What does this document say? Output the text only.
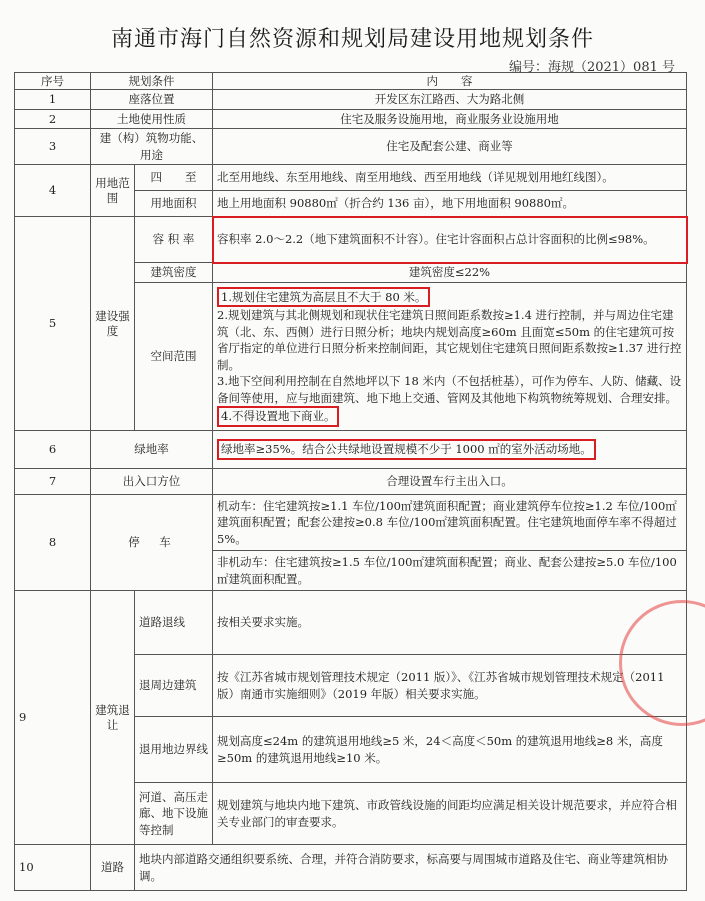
南通市海门自然资源和规划局建设用地规划条件
编号：海规（2021）081 号
序号	规划条件		内　　容
1	座落位置		开发区东江路西、大为路北侧
2	土地使用性质		住宅及服务设施用地，商业服务业设施用地
3	建（构）筑物功能、用途		住宅及配套公建、商业等
4	用地范围	四　　至	北至用地线、东至用地线、南至用地线、西至用地线（详见规划用地红线图）。
		用地面积	地上用地面积 90880㎡（折合约 136 亩），地下用地面积 90880㎡。
5	建设强度	容 积 率	容积率 2.0～2.2（地下建筑面积不计容）。住宅计容面积占总计容面积的比例≤98%。
		建筑密度	建筑密度≤22%
		空间范围	1.规划住宅建筑为高层且不大于 80 米。
2.规划建筑与其北侧规划和现状住宅建筑日照间距系数按≥1.4 进行控制，并与周边住宅建筑（北、东、西侧）进行日照分析；地块内规划高度≥60m 且面宽≤50m 的住宅建筑可按省厅指定的单位进行日照分析来控制间距，其它规划住宅建筑日照间距系数按≥1.37 进行控制。
3.地下空间利用控制在自然地坪以下 18 米内（不包括桩基），可作为停车、人防、储藏、设备间等使用，应与地面建筑、地下地上交通、管网及其他地下构筑物统筹规划、合理安排。
4.不得设置地下商业。
6	绿地率		绿地率≥35%。结合公共绿地设置规模不少于 1000 ㎡的室外活动场地。
7	出入口方位		合理设置车行主出入口。
8	停　车		机动车：住宅建筑按≥1.1 车位/100㎡建筑面积配置；商业建筑停车位按≥1.2 车位/100㎡建筑面积配置；配套公建按≥0.8 车位/100㎡建筑面积配置。住宅建筑地面停车率不得超过 5%。
			非机动车：住宅建筑按≥1.5 车位/100㎡建筑面积配置；商业、配套公建按≥5.0 车位/100㎡建筑面积配置。
9	建筑退让	道路退线	按相关要求实施。
		退周边建筑	按《江苏省城市规划管理技术规定（2011 版）》、《江苏省城市规划管理技术规定（2011 版）南通市实施细则》（2019 年版）相关要求实施。
		退用地边界线	规划高度≤24m 的建筑退用地线≥5 米，24＜高度＜50m 的建筑退用地线≥8 米，高度≥50m 的建筑退用地线≥10 米。
		河道、高压走廊、地下设施等控制	规划建筑与地块内地下建筑、市政管线设施的间距均应满足相关设计规范要求，并应符合相关专业部门的审查要求。
10	道路	地块内部道路交通组织要系统、合理，并符合消防要求，标高要与周围城市道路及住宅、商业等建筑相协调。	
